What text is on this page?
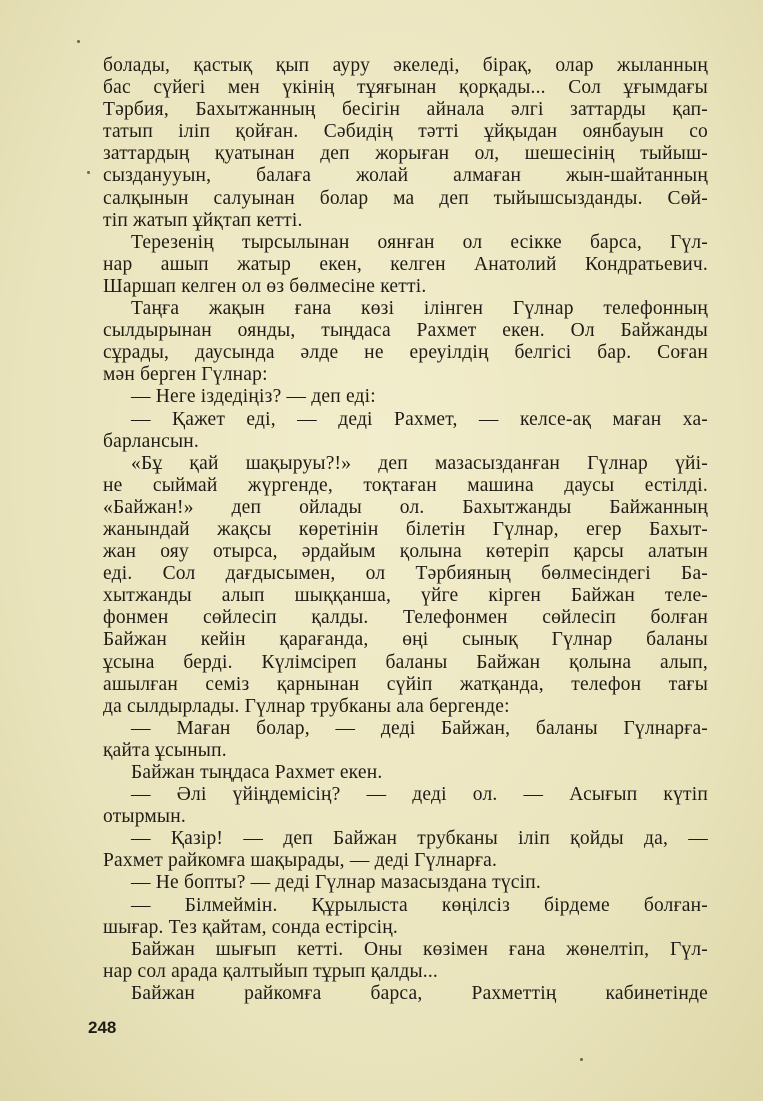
болады, қастық қып ауру әкеледі, бірақ, олар жыланның
бас сүйегі мен үкінің тұяғынан қорқады... Сол ұғымдағы
Тәрбия, Бахытжанның бесігін айнала әлгі заттарды қап-
татып іліп қойған. Сәбидің тәтті ұйқыдан оянбауын со
заттардың қуатынан деп жорыған ол, шешесінің тыйыш-
сызданууын, балаға жолай алмаған жын-шайтанның
салқынын салуынан болар ма деп тыйышсызданды. Сөй-
тіп жатып ұйқтап кетті.
Терезенің тырсылынан оянған ол есікке барса, Гүл-
нар ашып жатыр екен, келген Анатолий Кондратьевич.
Шаршап келген ол өз бөлмесіне кетті.
Таңға жақын ғана көзі ілінген Гүлнар телефонның
сылдырынан оянды, тыңдаса Рахмет екен. Ол Байжанды
сұрады, даусында әлде не ереуілдің белгісі бар. Соған
мән берген Гүлнар:
— Неге іздедіңіз? — деп еді:
— Қажет еді, — деді Рахмет, — келсе-ақ маған ха-
барлансын.
«Бұ қай шақыруы?!» деп мазасызданған Гүлнар үйі-
не сыймай жүргенде, тоқтаған машина даусы естілді.
«Байжан!» деп ойлады ол. Бахытжанды Байжанның
жанындай жақсы көретінін білетін Гүлнар, егер Бахыт-
жан ояу отырса, әрдайым қолына көтеріп қарсы алатын
еді. Сол дағдысымен, ол Тәрбияның бөлмесіндегі Ба-
хытжанды алып шыққанша, үйге кірген Байжан теле-
фонмен сөйлесіп қалды. Телефонмен сөйлесіп болған
Байжан кейін қарағанда, өңі сынық Гүлнар баланы
ұсына берді. Күлімсіреп баланы Байжан қолына алып,
ашылған семіз қарнынан сүйіп жатқанда, телефон тағы
да сылдырлады. Гүлнар трубканы ала бергенде:
— Маған болар, — деді Байжан, баланы Гүлнарға-
қайта ұсынып.
Байжан тыңдаса Рахмет екен.
— Әлі үйіңдемісің? — деді ол. — Асығып күтіп
отырмын.
— Қазір! — деп Байжан трубканы іліп қойды да, —
Рахмет райкомға шақырады, — деді Гүлнарға.
— Не бопты? — деді Гүлнар мазасыздана түсіп.
— Білмеймін. Құрылыста көңілсіз бірдеме болған-
шығар. Тез қайтам, сонда естірсің.
Байжан шығып кетті. Оны көзімен ғана жөнелтіп, Гүл-
нар сол арада қалтыйып тұрып қалды...
Байжан райкомға барса, Рахметтің кабинетінде
248
